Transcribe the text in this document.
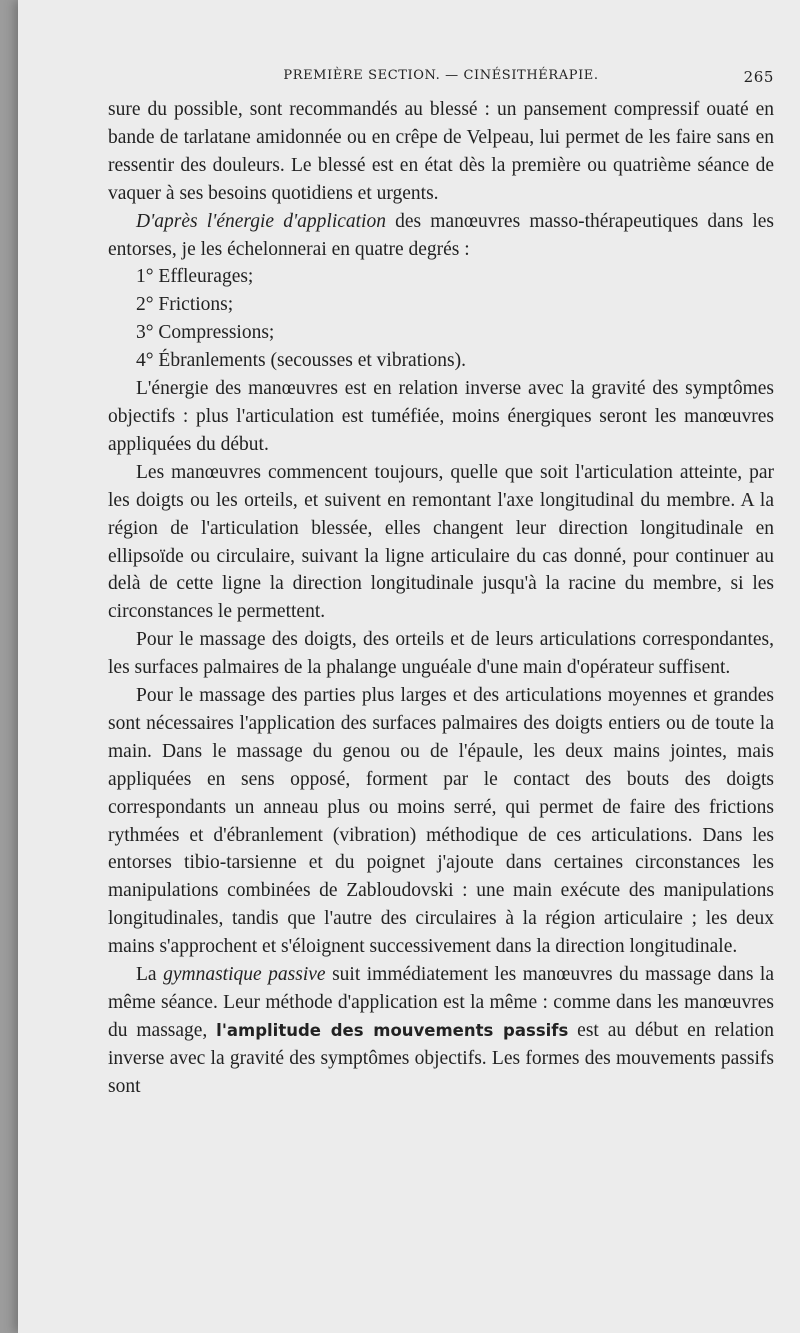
PREMIÈRE SECTION. — CINÉSITHÉRAPIE.	265

sure du possible, sont recommandés au blessé : un pansement compressif ouaté en bande de tarlatane amidonnée ou en crêpe de Velpeau, lui permet de les faire sans en ressentir des douleurs. Le blessé est en état dès la première ou quatrième séance de vaquer à ses besoins quotidiens et urgents.

D'après l'énergie d'application des manœuvres masso-thérapeutiques dans les entorses, je les échelonnerai en quatre degrés :

1° Effleurages;

2° Frictions;

3° Compressions;

4° Ébranlements (secousses et vibrations).

L'énergie des manœuvres est en relation inverse avec la gravité des symptômes objectifs : plus l'articulation est tuméfiée, moins énergiques seront les manœuvres appliquées du début.

Les manœuvres commencent toujours, quelle que soit l'articulation atteinte, par les doigts ou les orteils, et suivent en remontant l'axe longitudinal du membre. A la région de l'articulation blessée, elles changent leur direction longitudinale en ellipsoïde ou circulaire, suivant la ligne articulaire du cas donné, pour continuer au delà de cette ligne la direction longitudinale jusqu'à la racine du membre, si les circonstances le permettent.

Pour le massage des doigts, des orteils et de leurs articulations correspondantes, les surfaces palmaires de la phalange unguéale d'une main d'opérateur suffisent.

Pour le massage des parties plus larges et des articulations moyennes et grandes sont nécessaires l'application des surfaces palmaires des doigts entiers ou de toute la main. Dans le massage du genou ou de l'épaule, les deux mains jointes, mais appliquées en sens opposé, forment par le contact des bouts des doigts correspondants un anneau plus ou moins serré, qui permet de faire des frictions rythmées et d'ébranlement (vibration) méthodique de ces articulations. Dans les entorses tibio-tarsienne et du poignet j'ajoute dans certaines circonstances les manipulations combinées de Zabloudovski : une main exécute des manipulations longitudinales, tandis que l'autre des circulaires à la région articulaire ; les deux mains s'approchent et s'éloignent successivement dans la direction longitudinale.

La gymnastique passive suit immédiatement les manœuvres du massage dans la même séance. Leur méthode d'application est la même : comme dans les manœuvres du massage, l'amplitude des mouvements passifs est au début en relation inverse avec la gravité des symptômes objectifs. Les formes des mouvements passifs sont
